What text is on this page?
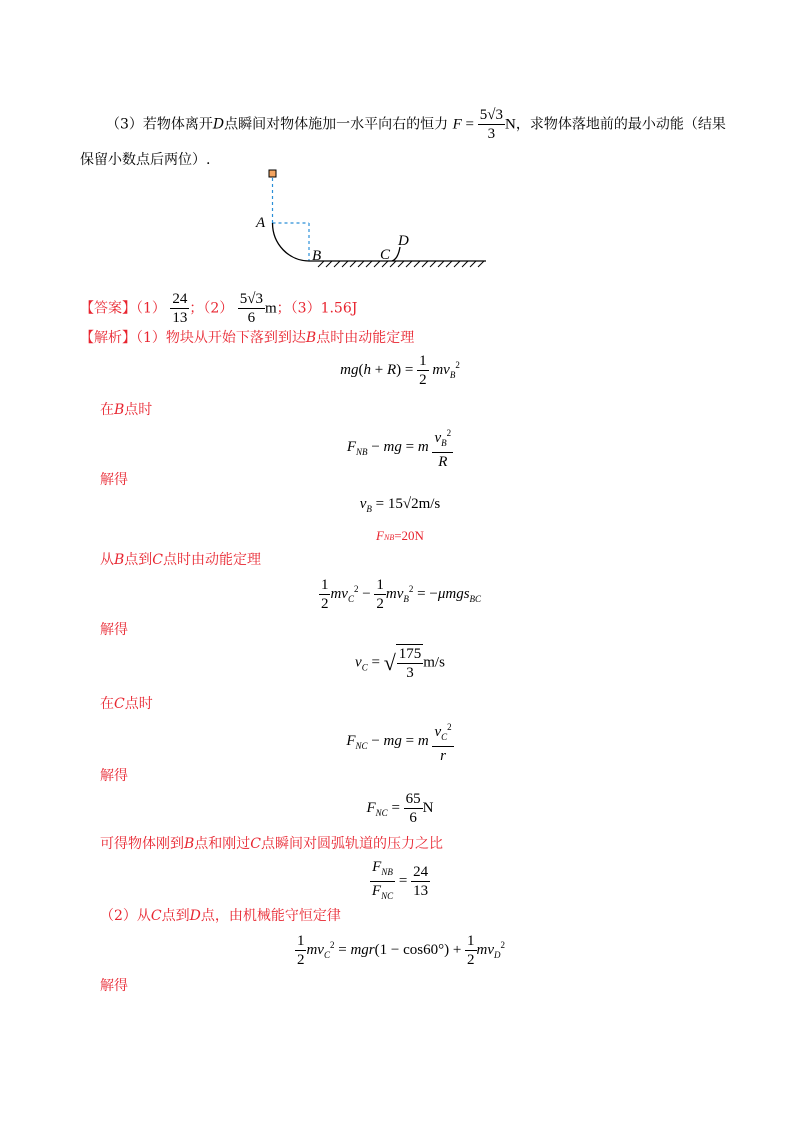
（3）若物体离开D点瞬间对物体施加一水平向右的恒力 $F = \frac{5√3}{3}$ N，求物体落地前的最小动能（结果
保留小数点后两位）.
A
B	C
D
【答案】$(1) \frac{24}{13}$ ；$(2) \frac{5√3}{6}$ m；（3）1.56J
【解析】（1）物块从开始下落到到达B点时由动能定理
$mg(h + R) = \frac{1}{2} mv_B^2$
在B点时
$F_{NB}$ − mg = m $\frac{v_B^2}{R}$
解得
$v_B = 15√2m/s$
FNB=20N
从B点到C点时由动能定理
$\frac{1}{2} mv_C^2 - \frac{1}{2} mv_B^2 = -\mu mgs_{BC}$
解得
$v_C$ = √ $\frac{175}{3} m/s$
在C点时
$F_{NC}$ − mg = m $\frac{v_C^2}{r}$
解得
$F_{NC} = \frac{65}{6}$ N
可得物体刚到B点和刚过C点瞬间对圆弧轨道的压力之比
$\frac{F_{NB}}{F_{NC}} = \frac{24}{13}$
（2）从C点到D点，由机械能守恒定律
$\frac{1}{2} mv_C^2 = mgr(1 - \cos 60^\circ) + \frac{1}{2} mv_D^2$
解得
